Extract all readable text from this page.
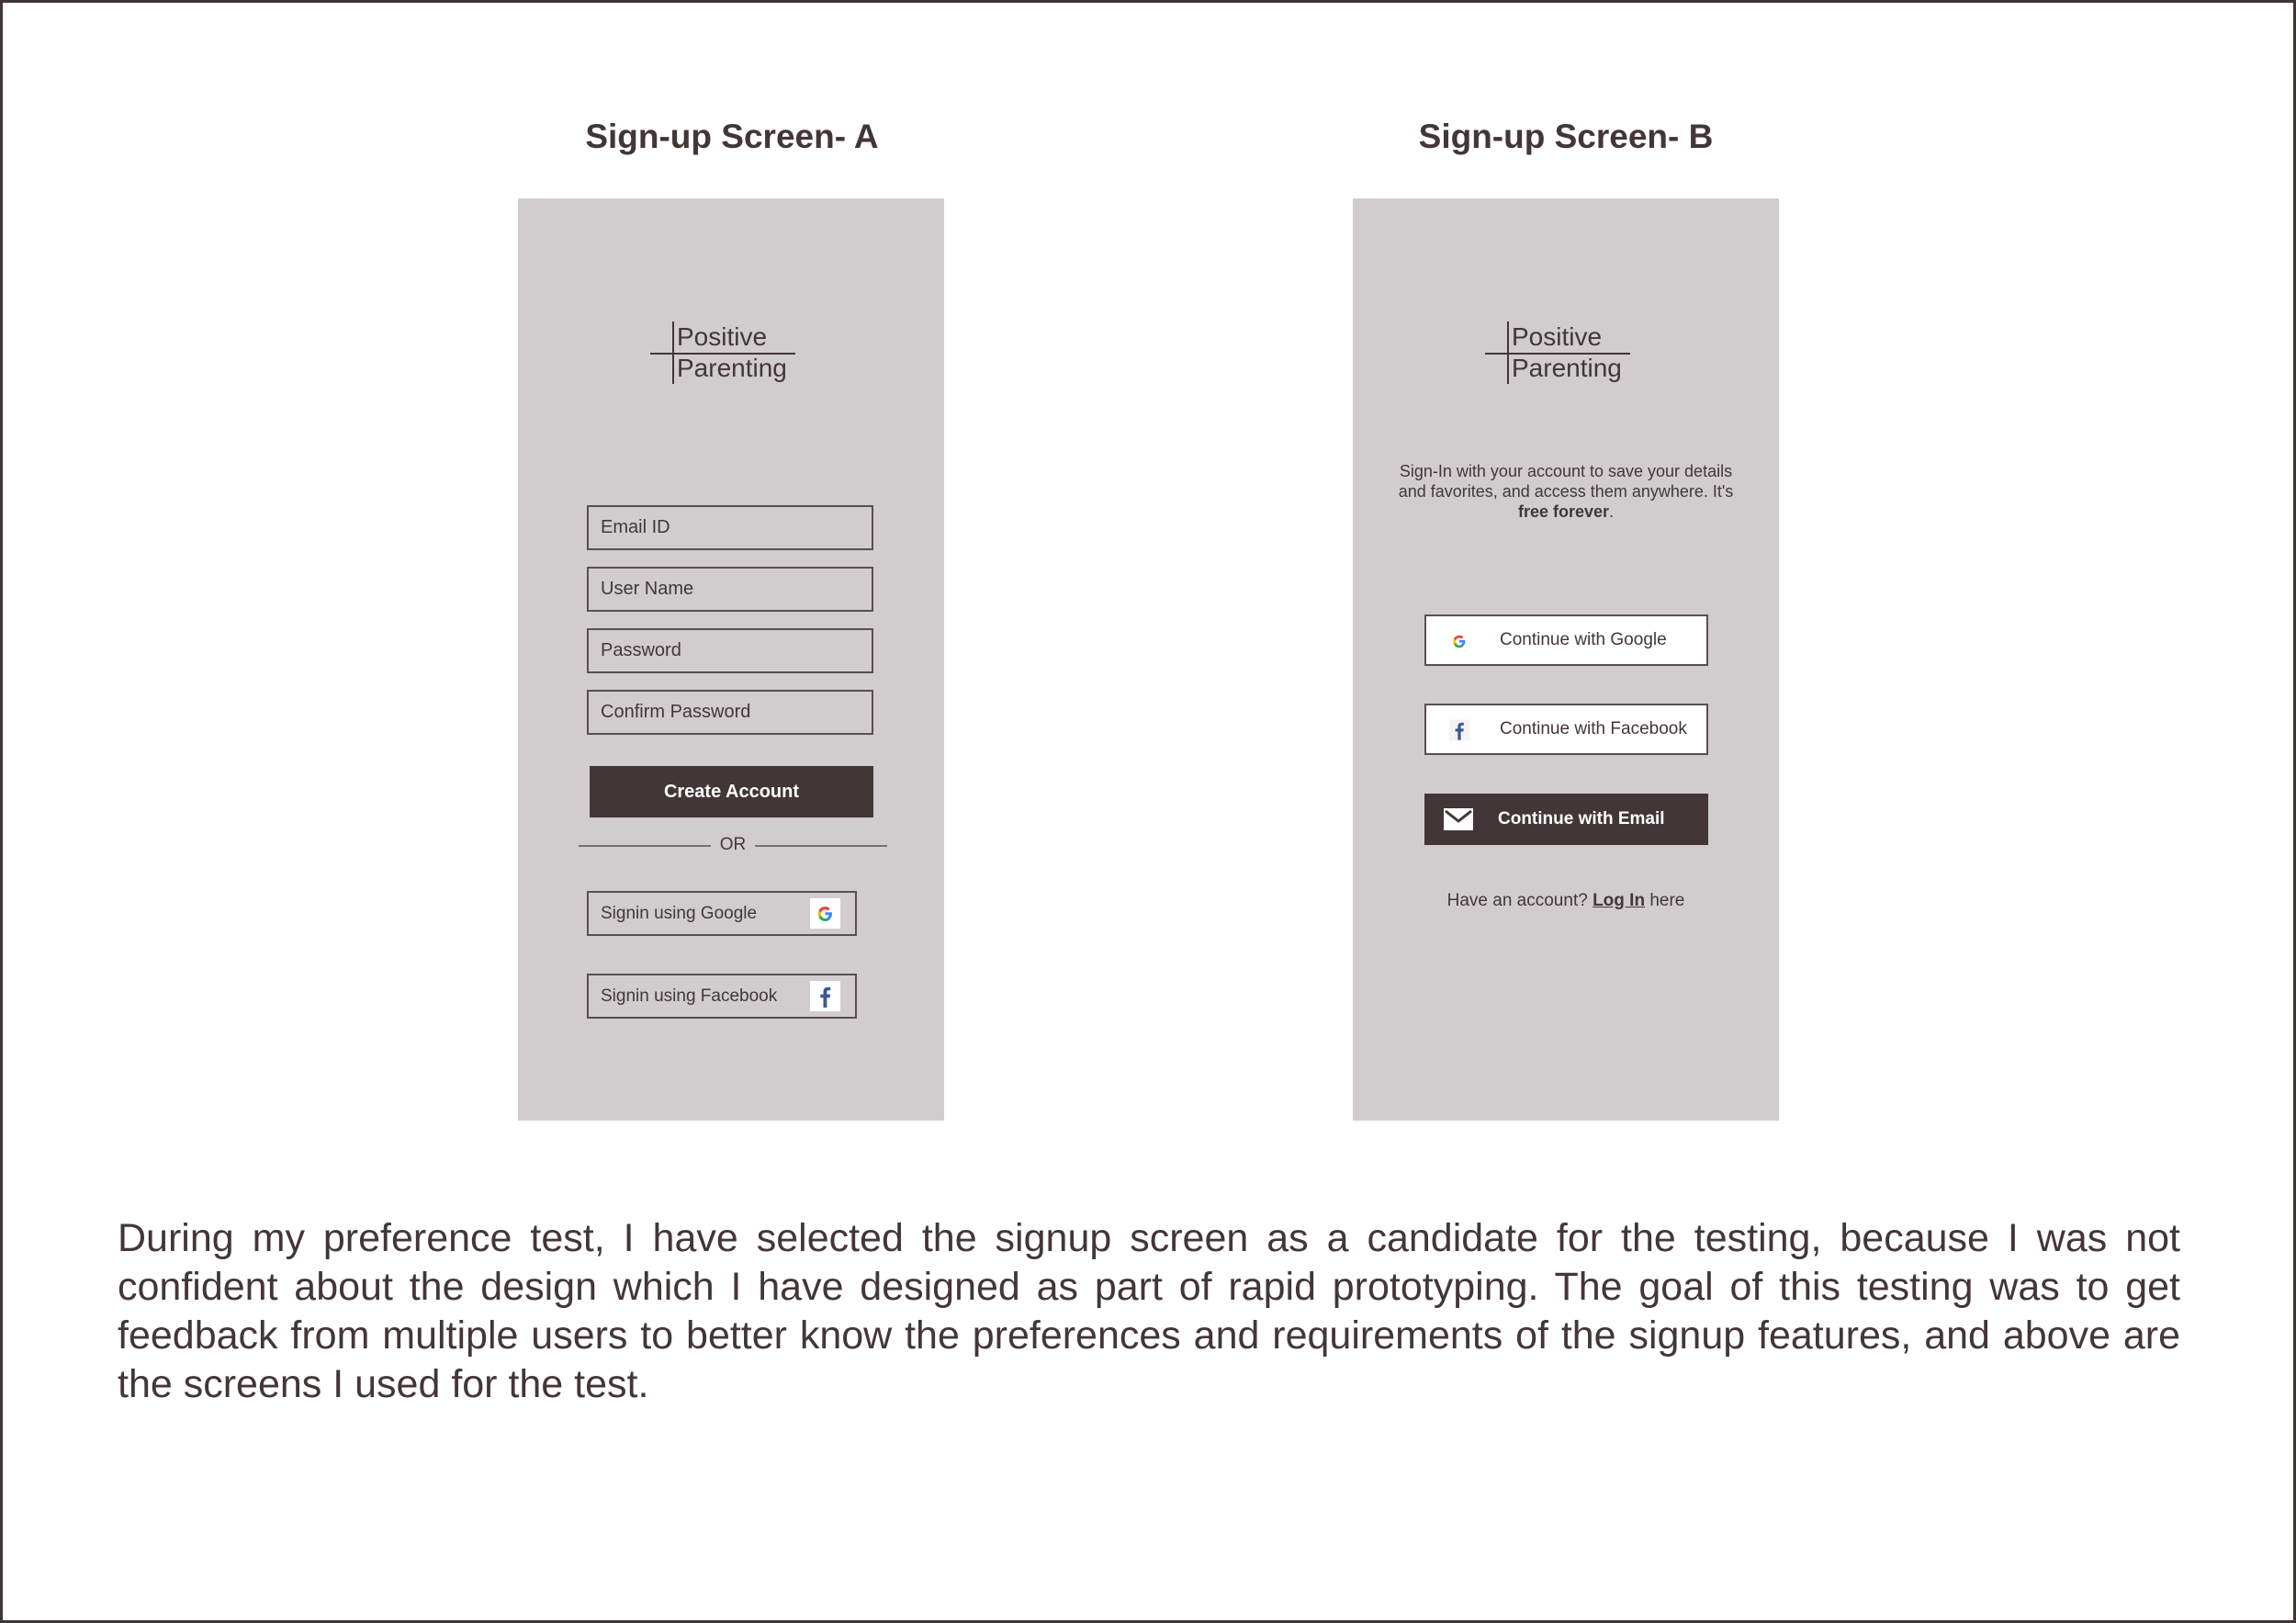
Sign-up Screen- A	Sign-up Screen- B
Positive
Parenting
Email ID
User Name
Create Account
OR
Signin using Google
Signin using Facebook
Positive
Parenting
Sign-In with your account to save your details and favorites, and access them anywhere. It's free forever.
Continue with Google
Continue with Facebook
Continue with Email
Have an account? Log In here

During my preference test, I have selected the signup screen as a candidate for the testing, because I was not confident about the design which I have designed as part of rapid prototyping. The goal of this testing was to get feedback from multiple users to better know the preferences and requirements of the signup features, and above are the screens I used for the test.
